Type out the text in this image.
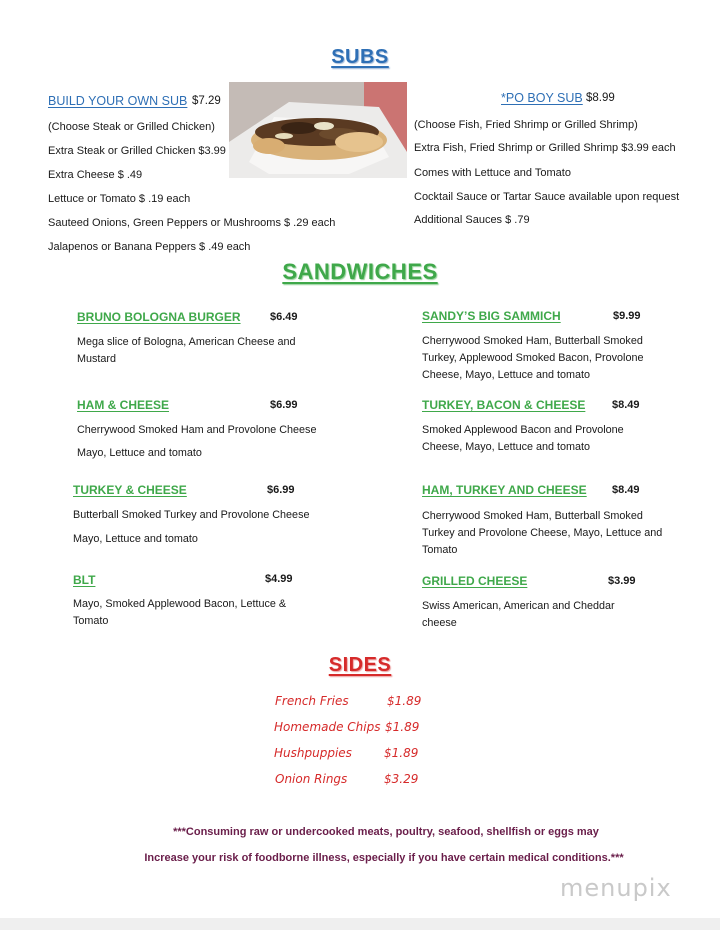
SUBS
BUILD YOUR OWN SUB $7.29
(Choose Steak or Grilled Chicken)
Extra Steak or Grilled Chicken $3.99
Extra Cheese $ .49
Lettuce or Tomato $ .19 each
Sauteed Onions, Green Peppers or Mushrooms $ .29 each
Jalapenos or Banana Peppers $ .49 each
*PO BOY SUB $8.99
(Choose Fish, Fried Shrimp or Grilled Shrimp)
Extra Fish, Fried Shrimp or Grilled Shrimp $3.99 each
Comes with Lettuce and Tomato
Cocktail Sauce or Tartar Sauce available upon request
Additional Sauces $ .79
SANDWICHES
BRUNO BOLOGNA BURGER	$6.49
Mega slice of Bologna, American Cheese and
Mustard
HAM & CHEESE	$6.99
Cherrywood Smoked Ham and Provolone Cheese
Mayo, Lettuce and tomato
TURKEY & CHEESE	$6.99
Butterball Smoked Turkey and Provolone Cheese
Mayo, Lettuce and tomato
BLT	$4.99
Mayo, Smoked Applewood Bacon, Lettuce &
Tomato
SANDY’S BIG SAMMICH	$9.99
Cherrywood Smoked Ham, Butterball Smoked
Turkey, Applewood Smoked Bacon, Provolone
Cheese, Mayo, Lettuce and tomato
TURKEY, BACON & CHEESE $8.49
Smoked Applewood Bacon and Provolone
Cheese, Mayo, Lettuce and tomato
HAM, TURKEY AND CHEESE $8.49
Cherrywood Smoked Ham, Butterball Smoked
Turkey and Provolone Cheese, Mayo, Lettuce and
Tomato
GRILLED CHEESE	$3.99
Swiss American, American and Cheddar
cheese
SIDES
French Fries	$1.89
Homemade Chips $1.89
Hushpuppies	$1.89
Onion Rings	$3.29
***Consuming raw or undercooked meats, poultry, seafood, shellfish or eggs may
Increase your risk of foodborne illness, especially if you have certain medical conditions.***
menupix
